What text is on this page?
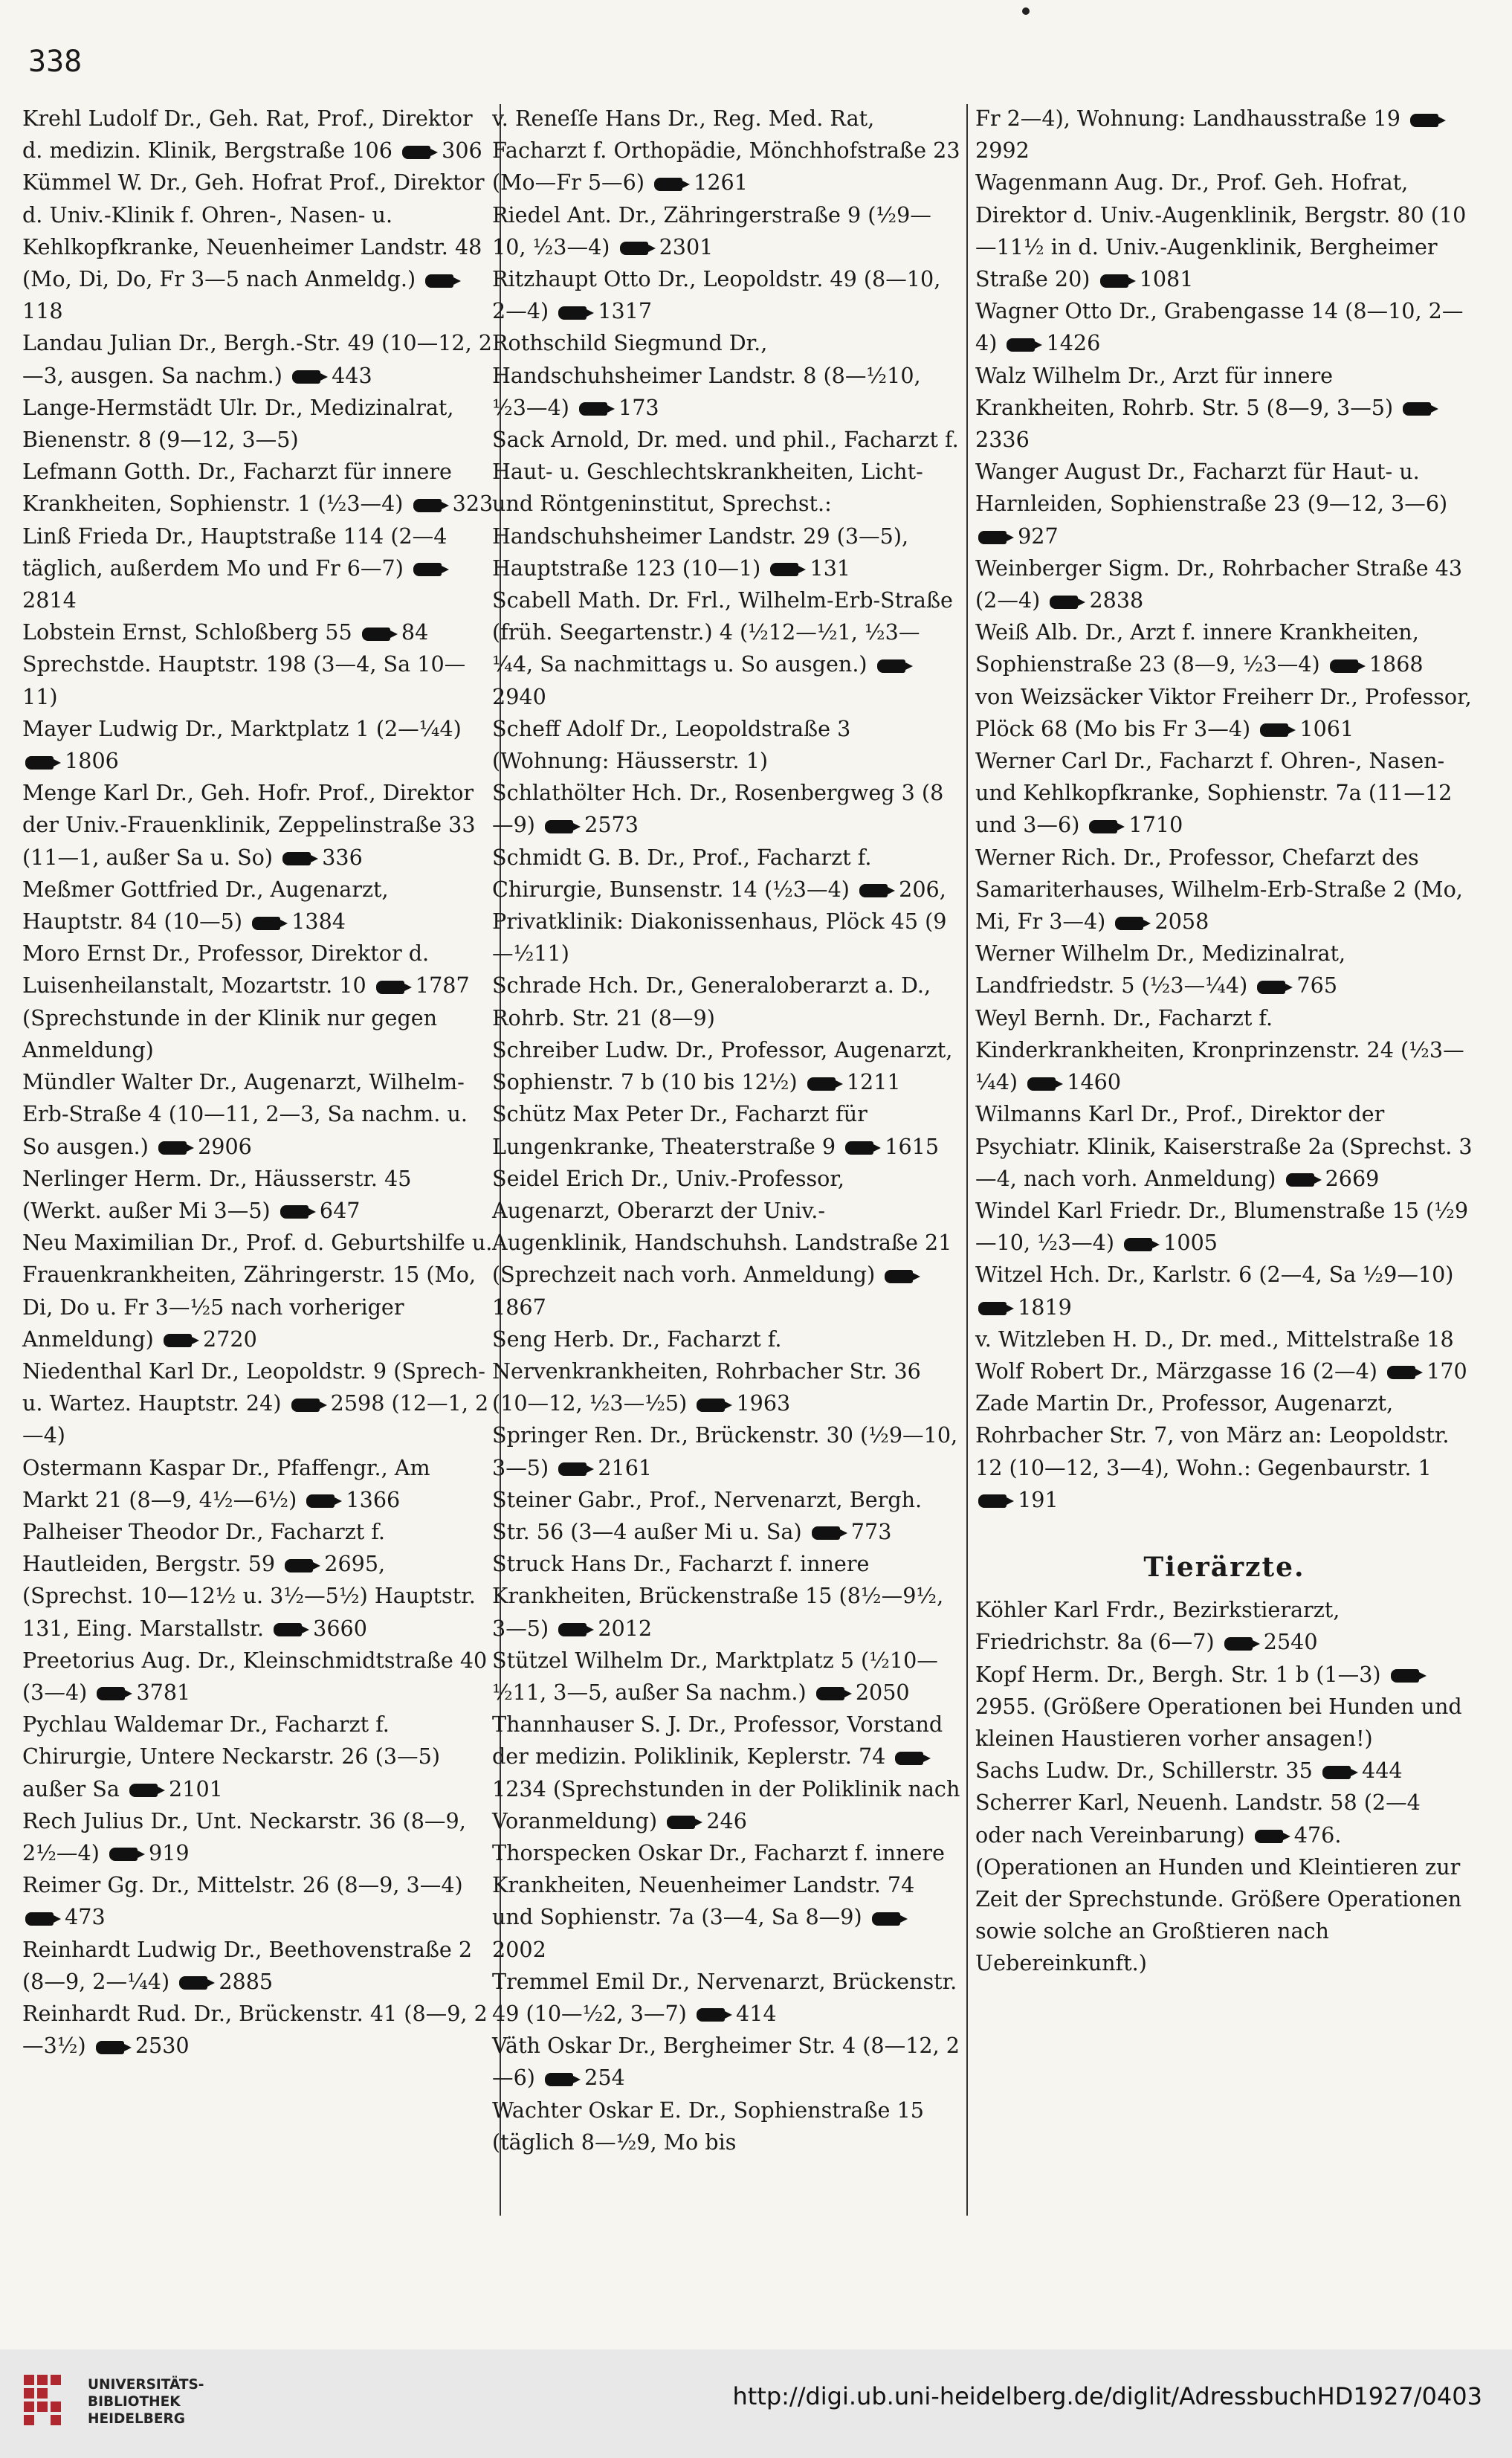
338
Krehl Ludolf Dr., Geh. Rat, Prof., Direktor d. medizin. Klinik, Bergstraße 106  306
Kümmel W. Dr., Geh. Hofrat Prof., Direktor d. Univ.-Klinik f. Ohren-, Nasen- u. Kehlkopfkranke, Neuenheimer Landstr. 48 (Mo, Di, Do, Fr 3—5 nach Anmeldg.)  118
Landau Julian Dr., Bergh.-Str. 49 (10—12, 2—3, ausgen. Sa nachm.)  443
Lange-Hermstädt Ulr. Dr., Medizinalrat, Bienenstr. 8 (9—12, 3—5)
Lefmann Gotth. Dr., Facharzt für innere Krankheiten, Sophienstr. 1 (½3—4)  323
Linß Frieda Dr., Hauptstraße 114 (2—4 täglich, außerdem Mo und Fr 6—7)  2814
Lobstein Ernst, Schloßberg 55  84 Sprechstde. Hauptstr. 198 (3—4, Sa 10—11)
Mayer Ludwig Dr., Marktplatz 1 (2—¼4)  1806
Menge Karl Dr., Geh. Hofr. Prof., Direktor der Univ.-Frauenklinik, Zeppelinstraße 33 (11—1, außer Sa u. So)  336
Meßmer Gottfried Dr., Augenarzt, Hauptstr. 84 (10—5)  1384
Moro Ernst Dr., Professor, Direktor d. Luisenheilanstalt, Mozartstr. 10  1787 (Sprechstunde in der Klinik nur gegen Anmeldung)
Mündler Walter Dr., Augenarzt, Wilhelm-Erb-Straße 4 (10—11, 2—3, Sa nachm. u. So ausgen.)  2906
Nerlinger Herm. Dr., Häusserstr. 45 (Werkt. außer Mi 3—5)  647
Neu Maximilian Dr., Prof. d. Geburtshilfe u. Frauenkrankheiten, Zähringerstr. 15 (Mo, Di, Do u. Fr 3—½5 nach vorheriger Anmeldung)  2720
Niedenthal Karl Dr., Leopoldstr. 9 (Sprech- u. Wartez. Hauptstr. 24)  2598 (12—1, 2—4)
Ostermann Kaspar Dr., Pfaffengr., Am Markt 21 (8—9, 4½—6½)  1366
Palheiser Theodor Dr., Facharzt f. Hautleiden, Bergstr. 59  2695, (Sprechst. 10—12½ u. 3½—5½) Hauptstr. 131, Eing. Marstallstr.  3660
Preetorius Aug. Dr., Kleinschmidtstraße 40 (3—4)  3781
Pychlau Waldemar Dr., Facharzt f. Chirurgie, Untere Neckarstr. 26 (3—5) außer Sa  2101
Rech Julius Dr., Unt. Neckarstr. 36 (8—9, 2½—4)  919
Reimer Gg. Dr., Mittelstr. 26 (8—9, 3—4)  473
Reinhardt Ludwig Dr., Beethovenstraße 2 (8—9, 2—¼4)  2885
Reinhardt Rud. Dr., Brückenstr. 41 (8—9, 2—3½)  2530
v. Reneſſe Hans Dr., Reg. Med. Rat, Facharzt f. Orthopädie, Mönchhofstraße 23 (Mo—Fr 5—6)  1261
Riedel Ant. Dr., Zähringerstraße 9 (½9—10, ½3—4)  2301
Ritzhaupt Otto Dr., Leopoldstr. 49 (8—10, 2—4)  1317
Rothschild Siegmund Dr., Handschuhsheimer Landstr. 8 (8—½10, ½3—4)  173
Sack Arnold, Dr. med. und phil., Facharzt f. Haut- u. Geschlechtskrankheiten, Licht- und Röntgeninstitut, Sprechst.: Handschuhsheimer Landstr. 29 (3—5), Hauptstraße 123 (10—1)  131
Scabell Math. Dr. Frl., Wilhelm-Erb-Straße (früh. Seegartenstr.) 4 (½12—½1, ½3—¼4, Sa nachmittags u. So ausgen.)  2940
Scheff Adolf Dr., Leopoldstraße 3 (Wohnung: Häusserstr. 1)
Schlathölter Hch. Dr., Rosenbergweg 3 (8—9)  2573
Schmidt G. B. Dr., Prof., Facharzt f. Chirurgie, Bunsenstr. 14 (½3—4)  206, Privatklinik: Diakonissenhaus, Plöck 45 (9—½11)
Schrade Hch. Dr., Generaloberarzt a. D., Rohrb. Str. 21 (8—9)
Schreiber Ludw. Dr., Professor, Augenarzt, Sophienstr. 7 b (10 bis 12½)  1211
Schütz Max Peter Dr., Facharzt für Lungenkranke, Theaterstraße 9  1615
Seidel Erich Dr., Univ.-Professor, Augenarzt, Oberarzt der Univ.-Augenklinik, Handschuhsh. Landstraße 21 (Sprechzeit nach vorh. Anmeldung)  1867
Seng Herb. Dr., Facharzt f. Nervenkrankheiten, Rohrbacher Str. 36 (10—12, ½3—½5)  1963
Springer Ren. Dr., Brückenstr. 30 (½9—10, 3—5)  2161
Steiner Gabr., Prof., Nervenarzt, Bergh. Str. 56 (3—4 außer Mi u. Sa)  773
Struck Hans Dr., Facharzt f. innere Krankheiten, Brückenstraße 15 (8½—9½, 3—5)  2012
Stützel Wilhelm Dr., Marktplatz 5 (½10—½11, 3—5, außer Sa nachm.)  2050
Thannhauser S. J. Dr., Professor, Vorstand der medizin. Poliklinik, Keplerstr. 74  1234 (Sprechstunden in der Poliklinik nach Voranmeldung)  246
Thorspecken Oskar Dr., Facharzt f. innere Krankheiten, Neuenheimer Landstr. 74 und Sophienstr. 7a (3—4, Sa 8—9)  2002
Tremmel Emil Dr., Nervenarzt, Brückenstr. 49 (10—½2, 3—7)  414
Väth Oskar Dr., Bergheimer Str. 4 (8—12, 2—6)  254
Wachter Oskar E. Dr., Sophienstraße 15 (täglich 8—½9, Mo bis
Fr 2—4), Wohnung: Landhausstraße 19  2992
Wagenmann Aug. Dr., Prof. Geh. Hofrat, Direktor d. Univ.-Augenklinik, Bergstr. 80 (10—11½ in d. Univ.-Augenklinik, Bergheimer Straße 20)  1081
Wagner Otto Dr., Grabengasse 14 (8—10, 2—4)  1426
Walz Wilhelm Dr., Arzt für innere Krankheiten, Rohrb. Str. 5 (8—9, 3—5)  2336
Wanger August Dr., Facharzt für Haut- u. Harnleiden, Sophienstraße 23 (9—12, 3—6)  927
Weinberger Sigm. Dr., Rohrbacher Straße 43 (2—4)  2838
Weiß Alb. Dr., Arzt f. innere Krankheiten, Sophienstraße 23 (8—9, ½3—4)  1868
von Weizsäcker Viktor Freiherr Dr., Professor, Plöck 68 (Mo bis Fr 3—4)  1061
Werner Carl Dr., Facharzt f. Ohren-, Nasen- und Kehlkopfkranke, Sophienstr. 7a (11—12 und 3—6)  1710
Werner Rich. Dr., Professor, Chefarzt des Samariterhauses, Wilhelm-Erb-Straße 2 (Mo, Mi, Fr 3—4)  2058
Werner Wilhelm Dr., Medizinalrat, Landfriedstr. 5 (½3—¼4)  765
Weyl Bernh. Dr., Facharzt f. Kinderkrankheiten, Kronprinzenstr. 24 (½3—¼4)  1460
Wilmanns Karl Dr., Prof., Direktor der Psychiatr. Klinik, Kaiserstraße 2a (Sprechst. 3—4, nach vorh. Anmeldung)  2669
Windel Karl Friedr. Dr., Blumenstraße 15 (½9—10, ½3—4)  1005
Witzel Hch. Dr., Karlstr. 6 (2—4, Sa ½9—10)  1819
v. Witzleben H. D., Dr. med., Mittelstraße 18
Wolf Robert Dr., Märzgasse 16 (2—4)  170
Zade Martin Dr., Professor, Augenarzt, Rohrbacher Str. 7, von März an: Leopoldstr. 12 (10—12, 3—4), Wohn.: Gegenbaurstr. 1  191
Tierärzte.
Köhler Karl Frdr., Bezirkstierarzt, Friedrichstr. 8a (6—7)  2540
Kopf Herm. Dr., Bergh. Str. 1 b (1—3)  2955. (Größere Operationen bei Hunden und kleinen Haustieren vorher ansagen!)
Sachs Ludw. Dr., Schillerstr. 35  444
Scherrer Karl, Neuenh. Landstr. 58 (2—4 oder nach Vereinbarung)  476. (Operationen an Hunden und Kleintieren zur Zeit der Sprechstunde. Größere Operationen sowie solche an Großtieren nach Uebereinkunft.)
UNIVERSITÄTS-
BIBLIOTHEK
HEIDELBERG
http://digi.ub.uni-heidelberg.de/diglit/AdressbuchHD1927/0403
